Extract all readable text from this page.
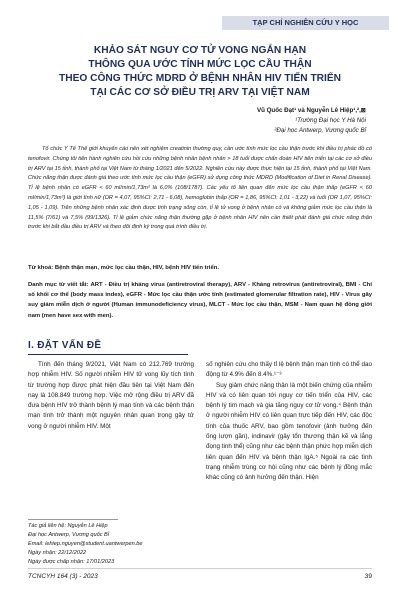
TẠP CHÍ NGHIÊN CỨU Y HỌC
KHẢO SÁT NGUY CƠ TỬ VONG NGẮN HẠN
THÔNG QUA ƯỚC TÍNH MỨC LỌC CẦU THẬN
THEO CÔNG THỨC MDRD Ở BỆNH NHÂN HIV TIẾN TRIỂN
TẠI CÁC CƠ SỞ ĐIỀU TRỊ ARV TẠI VIỆT NAM
Vũ Quốc Đạt¹ và Nguyễn Lê Hiệp¹,²,⊠
¹Trường Đại học Y Hà Nội
²Đại học Antwerp, Vương quốc Bỉ

Tổ chức Y Tế Thế giới khuyến cáo nên xét nghiệm creatinin thường quy, cần ước tính mức lọc cầu thận trước khi điều trị phác đồ có tenofovir. Chúng tôi tiến hành nghiên cứu hồi cứu những bệnh nhân bệnh nhân > 18 tuổi được chẩn đoán HIV tiến triển tại các cơ sở điều trị ARV tại 15 tỉnh, thành phố tại Việt Nam từ tháng 1/2021 đến 5/2022. Nghiên cứu này được thực hiện tại 15 tỉnh, thành phố tại Việt Nam. Chức năng thận được đánh giá theo ước tính mức lọc cầu thận (eGFR) sử dụng công thức MDRD (Modification of Diet in Renal Disease). Tỉ lệ bệnh nhân có eGFR < 60 ml/min/1,73m² là 6,0% (108/1787). Các yếu tố liên quan đến mức lọc cầu thận thấp (eGFR < 60 ml/min/1,73m²) là giới tính nữ (OR = 4,07, 95%CI: 2,71 - 6,08), hemoglobin thấp (OR = 1,86, 95%CI: 1,01 - 3,22) và tuổi (OR 1,07, 95%CI: 1,05 - 1,09). Trên những bệnh nhân xác định được tình trạng sống còn, tỉ lệ tử vong ở bệnh nhân có và không giảm mức lọc cầu thận là 11,5% (7/61) và 7,5% (99/1326). Tỉ lệ giảm chức năng thận thường gặp ở bệnh nhân HIV nên cần thiết phát đánh giá chức năng thận trước khi bắt đầu điều trị ARV và theo dõi định kỳ trong quá trình điều trị.

Từ khoá: Bệnh thận mạn, mức lọc cầu thận, HIV, bệnh HIV tiến triển.
Danh mục từ viết tắt: ART - Điều trị kháng virus (antiretroviral therapy), ARV - Kháng retrovirus (antiretroviral), BMI - Chỉ số khối cơ thể (body mass index), eGFR - Mức lọc cầu thận ước tính (estimated glomerular filtration rate), HIV - Virus gây suy giảm miễn dịch ở người (Human immunodeficiency virus), MLCT - Mức lọc cầu thận, MSM - Nam quan hệ đồng giới nam (men have sex with men).
I. ĐẶT VẤN ĐỀ

Tính đến tháng 9/2021, Việt Nam có 212.769 trường hợp nhiễm HIV. Số người nhiễm HIV tử vong lũy tích tính từ trường hợp được phát hiện đầu tiên tại Việt Nam đến nay là 108.849 trường hợp. Việc mở rộng điều trị ARV đã đưa bệnh HIV trở thành bệnh lý mạn tính và các bệnh thận mạn tính trở thành một nguyên nhân quan trọng gây tử vong ở người nhiễm HIV. Một

số nghiên cứu cho thấy tỉ lệ bệnh thận mạn tính có thể dao động từ 4.9% đến 8.4%.¹⁻³

Suy giảm chức năng thận là một biến chứng của nhiễm HIV và có liên quan tới nguy cơ tiến triển của HIV, các bệnh lý tim mạch và gia tăng nguy cơ tử vong.⁴ Bệnh thận ở người nhiễm HIV có liên quan trực tiếp đến HIV, các độc tính của thuốc ARV, bao gồm tenofovir (ảnh hưởng đến ống lượn gần), indinavir (gây tổn thương thận kẽ và lắng đọng tinh thể) cũng như các bệnh thận phức hợp miễn dịch liên quan đến HIV và bệnh thận IgA.⁵ Ngoài ra các tình trạng nhiễm trùng cơ hội cũng như các bệnh lý đồng mắc khác cũng có ảnh hưởng đến thận. Hiện

Tác giả liên hệ: Nguyễn Lê Hiệp
Đại học Antwerp, Vương quốc Bỉ
Email: lehiep.nguyen@student.uantwerpen.be
Ngày nhận: 22/12/2022
Ngày được chấp nhận: 17/01/2023
TCNCYH 164 (3) - 2023	39
